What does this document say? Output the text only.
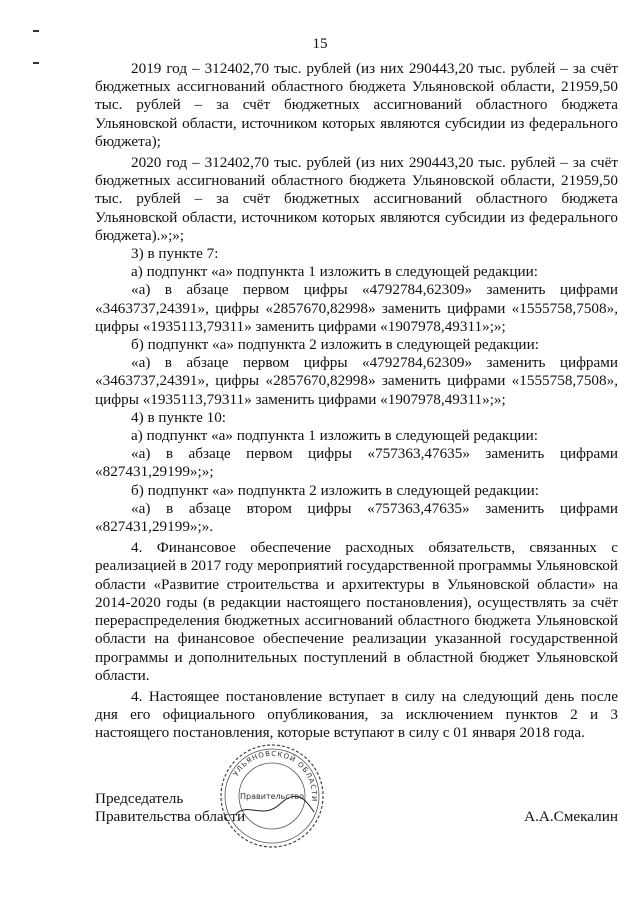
15

2019 год – 312402,70 тыс. рублей (из них 290443,20 тыс. рублей – за счёт бюджетных ассигнований областного бюджета Ульяновской области, 21959,50 тыс. рублей – за счёт бюджетных ассигнований областного бюджета Ульяновской области, источником которых являются субсидии из федерального бюджета);

2020 год – 312402,70 тыс. рублей (из них 290443,20 тыс. рублей – за счёт бюджетных ассигнований областного бюджета Ульяновской области, 21959,50 тыс. рублей – за счёт бюджетных ассигнований областного бюджета Ульяновской области, источником которых являются субсидии из федерального бюджета).»;»;

3) в пункте 7:

а) подпункт «а» подпункта 1 изложить в следующей редакции:

«а) в абзаце первом цифры «4792784,62309» заменить цифрами «3463737,24391», цифры «2857670,82998» заменить цифрами «1555758,7508», цифры «1935113,79311» заменить цифрами «1907978,49311»;»;

б) подпункт «а» подпункта 2 изложить в следующей редакции:

«а) в абзаце первом цифры «4792784,62309» заменить цифрами «3463737,24391», цифры «2857670,82998» заменить цифрами «1555758,7508», цифры «1935113,79311» заменить цифрами «1907978,49311»;»;

4) в пункте 10:

а) подпункт «а» подпункта 1 изложить в следующей редакции:

«а) в абзаце первом цифры «757363,47635» заменить цифрами «827431,29199»;»;

б) подпункт «а» подпункта 2 изложить в следующей редакции:

«а) в абзаце втором цифры «757363,47635» заменить цифрами «827431,29199»;».

4. Финансовое обеспечение расходных обязательств, связанных с реализацией в 2017 году мероприятий государственной программы Ульяновской области «Развитие строительства и архитектуры в Ульяновской области» на 2014-2020 годы (в редакции настоящего постановления), осуществлять за счёт перераспределения бюджетных ассигнований областного бюджета Ульяновской области на финансовое обеспечение реализации указанной государственной программы и дополнительных поступлений в областной бюджет Ульяновской области.

4. Настоящее постановление вступает в силу на следующий день после дня его официального опубликования, за исключением пунктов 2 и 3 настоящего постановления, которые вступают в силу с 01 января 2018 года.

Председатель
Правительства области	А.А.Смекалин
УЛЬЯНОВСКОЙ ОБЛАСТИ
Правительство
